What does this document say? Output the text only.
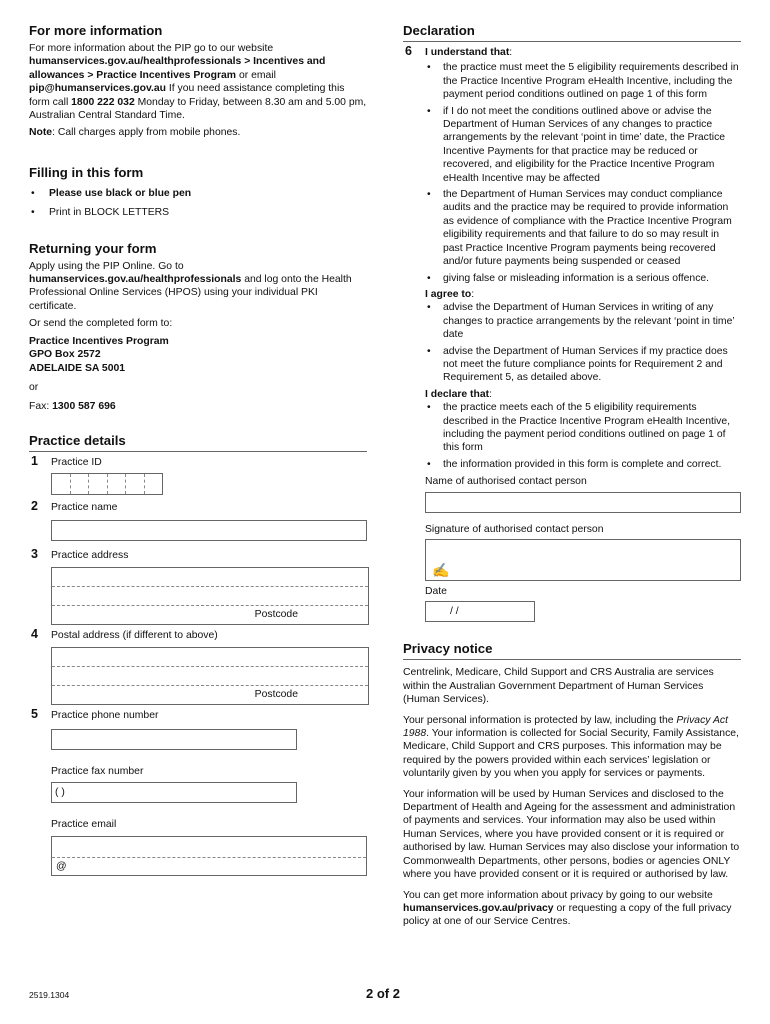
For more information

For more information about the PIP go to our website humanservices.gov.au/healthprofessionals > Incentives and allowances > Practice Incentives Program or email pip@humanservices.gov.au If you need assistance completing this form call 1800 222 032 Monday to Friday, between 8.30 am and 5.00 pm, Australian Central Standard Time.

Note: Call charges apply from mobile phones.

Filling in this form
• Please use black or blue pen
• Print in BLOCK LETTERS
Returning your form

Apply using the PIP Online. Go to humanservices.gov.au/healthprofessionals and log onto the Health Professional Online Services (HPOS) using your individual PKI certificate.

Or send the completed form to:

Practice Incentives Program
GPO Box 2572
ADELAIDE SA 5001

or

Fax: 1300 587 696

Practice details
1 Practice ID
2 Practice name
3 Practice address
Postcode
4 Postal address (if different to above)
Postcode
5 Practice phone number
Practice fax number
( )
Practice email
@
Declaration
6 I understand that:
• the practice must meet the 5 eligibility requirements described in the Practice Incentive Program eHealth Incentive, including the payment period conditions outlined on page 1 of this form
• if I do not meet the conditions outlined above or advise the Department of Human Services of any changes to practice arrangements by the relevant ‘point in time’ date, the Practice Incentive Payments for that practice may be reduced or recovered, and eligibility for the Practice Incentive Program eHealth Incentive may be affected
• the Department of Human Services may conduct compliance audits and the practice may be required to provide information as evidence of compliance with the Practice Incentive Program eligibility requirements and that failure to do so may result in past Practice Incentive Program payments being recovered and/or future payments being suspended or ceased
• giving false or misleading information is a serious offence.
I agree to:
• advise the Department of Human Services in writing of any changes to practice arrangements by the relevant ‘point in time’ date
• advise the Department of Human Services if my practice does not meet the future compliance points for Requirement 2 and Requirement 5, as detailed above.
I declare that:
• the practice meets each of the 5 eligibility requirements described in the Practice Incentive Program eHealth Incentive, including the payment period conditions outlined on page 1 of this form
• the information provided in this form is complete and correct.
Name of authorised contact person
Signature of authorised contact person
✍
Date
/ /
Privacy notice

Centrelink, Medicare, Child Support and CRS Australia are services within the Australian Government Department of Human Services (Human Services).

Your personal information is protected by law, including the Privacy Act 1988. Your information is collected for Social Security, Family Assistance, Medicare, Child Support and CRS purposes. This information may be required by the powers provided within each services’ legislation or voluntarily given by you when you apply for services or payments.

Your information will be used by Human Services and disclosed to the Department of Health and Ageing for the assessment and administration of payments and services. Your information may also be used within Human Services, where you have provided consent or it is required or authorised by law. Human Services may also disclose your information to Commonwealth Departments, other persons, bodies or agencies ONLY where you have provided consent or it is required or authorised by law.

You can get more information about privacy by going to our website humanservices.gov.au/privacy or requesting a copy of the full privacy policy at one of our Service Centres.

2519.1304	2 of 2
